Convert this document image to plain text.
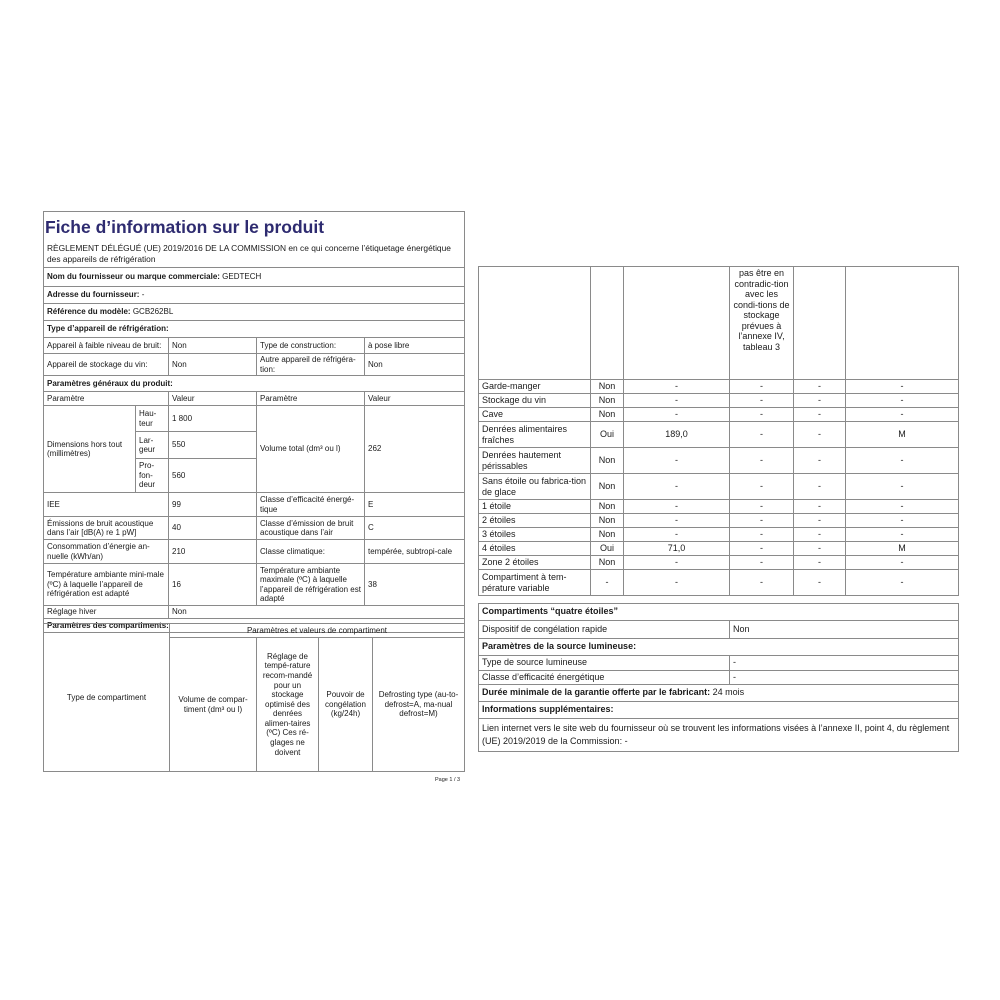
Fiche d’information sur le produit
RÈGLEMENT DÉLÉGUÉ (UE) 2019/2016 DE LA COMMISSION en ce qui concerne l’étiquetage énergétique des appareils de réfrigération
Nom du fournisseur ou marque commerciale: GEDTECH				
Adresse du fournisseur: -				
Référence du modèle: GCB262BL				
Type d’appareil de réfrigération:				
Appareil à faible niveau de bruit:		Non	Type de construction:	à pose libre
Appareil de stockage du vin:		Non	Autre appareil de réfrigéra-tion:	Non
Paramètres généraux du produit:				
Paramètre		Valeur	Paramètre	Valeur
Dimensions hors tout (millimètres)	Hau-teur	1 800	Volume total (dm³ ou l)	262
	Lar-geur	550		
	Pro-fon-deur	560		
IEE		99	Classe d’efficacité énergé-tique	E
Émissions de bruit acoustique dans l’air [dB(A) re 1 pW]		40	Classe d’émission de bruit acoustique dans l’air	C
Consommation d’énergie an-nuelle (kWh/an)		210	Classe climatique:	tempérée, subtropi-cale
Température ambiante mini-male (ºC) à laquelle l’appareil de réfrigération est adapté		16	Température ambiante maximale (ºC) à laquelle l’appareil de réfrigération est adapté	38
Réglage hiver		Non		
Paramètres des compartiments:				
Type de compartiment	Paramètres et valeurs de compartiment			
	Volume de compar-timent (dm³ ou l)	Réglage de tempé-rature recom-mandé pour un stockage optimisé des denrées alimen-taires (ºC) Ces ré-glages ne doivent	Pouvoir de congélation (kg/24h)	Defrosting type (au-to-defrost=A, ma-nual defrost=M)
Page 1 / 3
			pas être en contradic-tion avec les condi-tions de stockage prévues à l’annexe IV, tableau 3		
Garde-manger	Non	-	-	-	-
Stockage du vin	Non	-	-	-	-
Cave	Non	-	-	-	-
Denrées alimentaires fraîches	Oui	189,0	-	-	M
Denrées hautement périssables	Non	-	-	-	-
Sans étoile ou fabrica-tion de glace	Non	-	-	-	-
1 étoile	Non	-	-	-	-
2 étoiles	Non	-	-	-	-
3 étoiles	Non	-	-	-	-
4 étoiles	Oui	71,0	-	-	M
Zone 2 étoiles	Non	-	-	-	-
Compartiment à tem-pérature variable	-	-	-	-	-
Compartiments “quatre étoiles”	
Dispositif de congélation rapide	Non
Paramètres de la source lumineuse:	
Type de source lumineuse	-
Classe d’efficacité énergétique	-
Durée minimale de la garantie offerte par le fabricant: 24 mois	
Informations supplémentaires:	
Lien internet vers le site web du fournisseur où se trouvent les informations visées à l’annexe II, point 4, du règlement (UE) 2019/2019 de la Commission: -	
